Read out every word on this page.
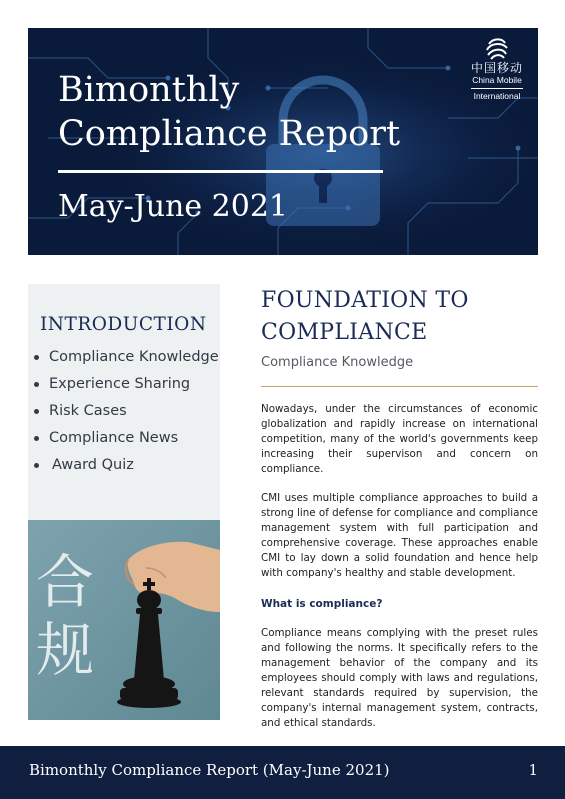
Bimonthly
Compliance Report
May-June 2021
中国移动
China Mobile
International
INTRODUCTION
Compliance Knowledge
Experience Sharing
Risk Cases
Compliance News
Award Quiz
合
规
FOUNDATION TO
COMPLIANCE
Compliance Knowledge

Nowadays, under the circumstances of economic globalization and rapidly increase on international competition, many of the world's governments keep increasing their supervison and concern on compliance.

CMI uses multiple compliance approaches to build a strong line of defense for compliance and compliance management system with full participation and comprehensive coverage. These approaches enable CMI to lay down a solid foundation and hence help with company's healthy and stable development.

What is compliance?

Compliance means complying with the preset rules and following the norms. It specifically refers to the management behavior of the company and its employees should comply with laws and regulations, relevant standards required by supervision, the company's internal management system, contracts, and ethical standards.

Bimonthly Compliance Report (May-June 2021)	1
